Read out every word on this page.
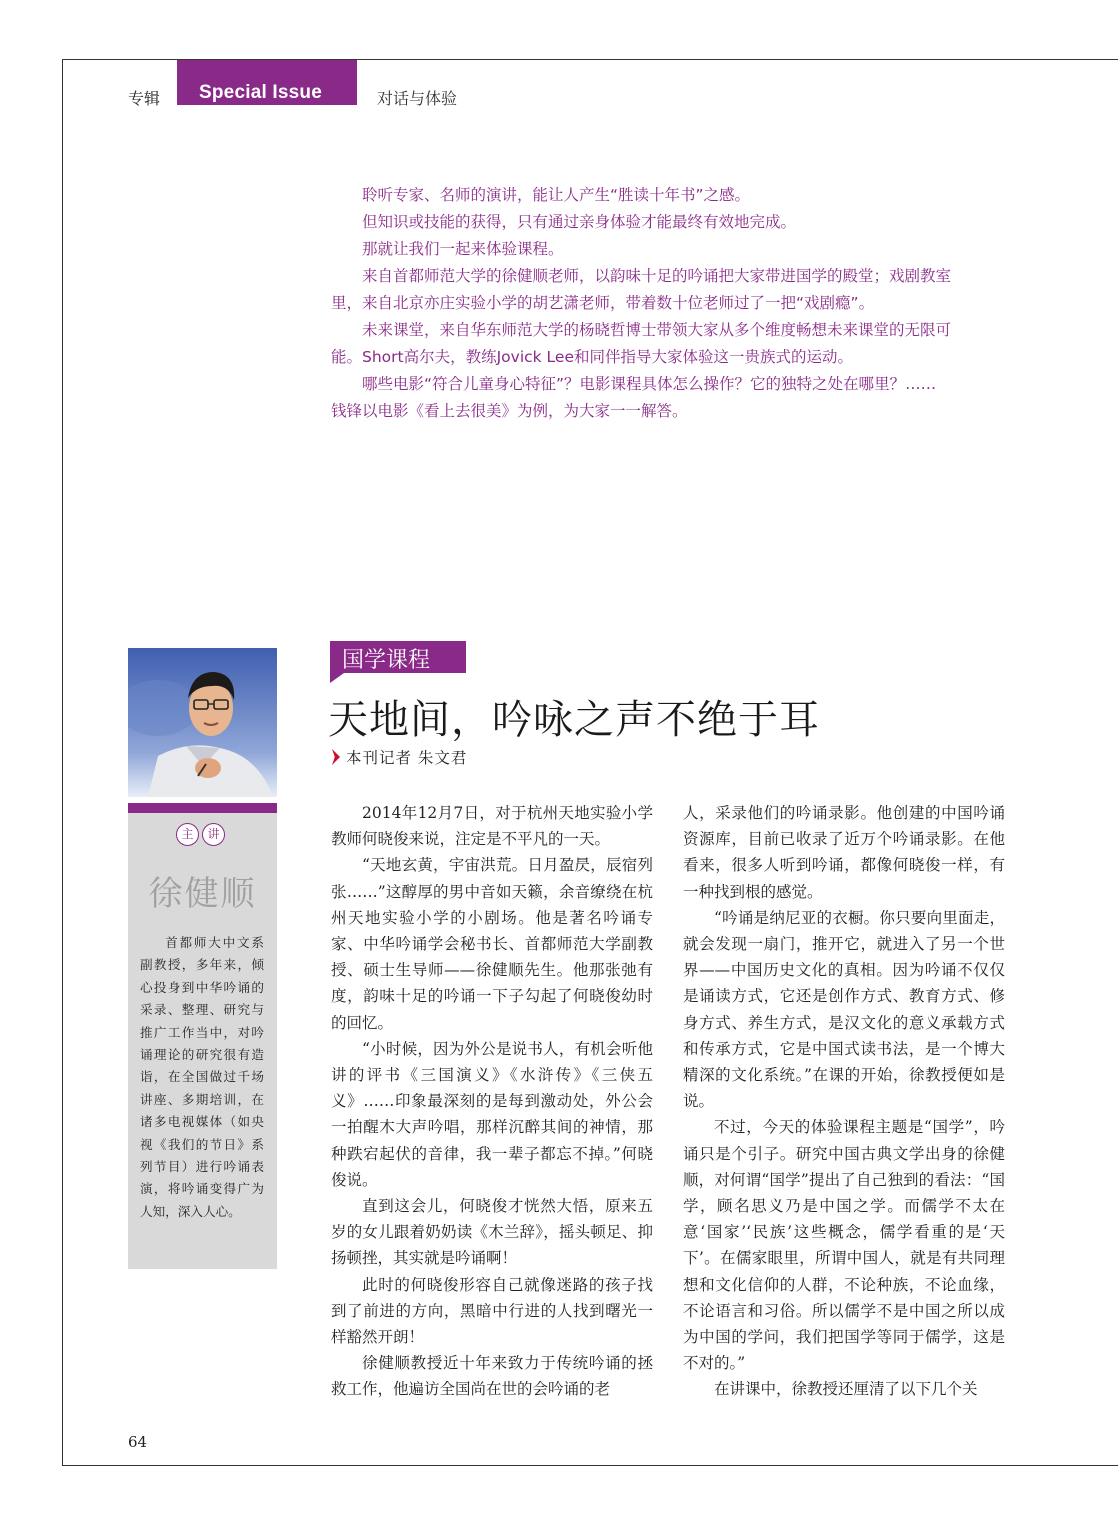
专辑 Special Issue	对话与体验

聆听专家、名师的演讲，能让人产生“胜读十年书”之感。

但知识或技能的获得，只有通过亲身体验才能最终有效地完成。

那就让我们一起来体验课程。

来自首都师范大学的徐健顺老师，以韵味十足的吟诵把大家带进国学的殿堂；戏剧教室里，来自北京亦庄实验小学的胡艺潇老师，带着数十位老师过了一把“戏剧瘾”。

未来课堂，来自华东师范大学的杨晓哲博士带领大家从多个维度畅想未来课堂的无限可能。Short高尔夫，教练Jovick Lee和同伴指导大家体验这一贵族式的运动。

哪些电影“符合儿童身心特征”？电影课程具体怎么操作？它的独特之处在哪里？……钱锋以电影《看上去很美》为例，为大家一一解答。

主	讲
徐健顺
首都师大中文系副教授，多年来，倾心投身到中华吟诵的采录、整理、研究与推广工作当中，对吟诵理论的研究很有造诣，在全国做过千场讲座、多期培训，在诸多电视媒体（如央视《我们的节日》系列节目）进行吟诵表演，将吟诵变得广为人知，深入人心。
国学课程
天地间，吟咏之声不绝于耳
本刊记者 朱文君

2014年12月7日，对于杭州天地实验小学教师何晓俊来说，注定是不平凡的一天。

“天地玄黄，宇宙洪荒。日月盈昃，辰宿列张……”这醇厚的男中音如天籁，余音缭绕在杭州天地实验小学的小剧场。他是著名吟诵专家、中华吟诵学会秘书长、首都师范大学副教授、硕士生导师——徐健顺先生。他那张弛有度，韵味十足的吟诵一下子勾起了何晓俊幼时的回忆。

“小时候，因为外公是说书人，有机会听他讲的评书《三国演义》《水浒传》《三侠五义》……印象最深刻的是每到激动处，外公会一拍醒木大声吟唱，那样沉醉其间的神情，那种跌宕起伏的音律，我一辈子都忘不掉。”何晓俊说。

直到这会儿，何晓俊才恍然大悟，原来五岁的女儿跟着奶奶读《木兰辞》，摇头顿足、抑扬顿挫，其实就是吟诵啊！

此时的何晓俊形容自己就像迷路的孩子找到了前进的方向，黑暗中行进的人找到曙光一样豁然开朗！

徐健顺教授近十年来致力于传统吟诵的拯救工作，他遍访全国尚在世的会吟诵的老

人，采录他们的吟诵录影。他创建的中国吟诵资源库，目前已收录了近万个吟诵录影。在他看来，很多人听到吟诵，都像何晓俊一样，有一种找到根的感觉。

“吟诵是纳尼亚的衣橱。你只要向里面走，就会发现一扇门，推开它，就进入了另一个世界——中国历史文化的真相。因为吟诵不仅仅是诵读方式，它还是创作方式、教育方式、修身方式、养生方式，是汉文化的意义承载方式和传承方式，它是中国式读书法，是一个博大精深的文化系统。”在课的开始，徐教授便如是说。

不过，今天的体验课程主题是“国学”，吟诵只是个引子。研究中国古典文学出身的徐健顺，对何谓“国学”提出了自己独到的看法：“国学，顾名思义乃是中国之学。而儒学不太在意‘国家’‘民族’这些概念，儒学看重的是‘天下’。在儒家眼里，所谓中国人，就是有共同理想和文化信仰的人群，不论种族，不论血缘，不论语言和习俗。所以儒学不是中国之所以成为中国的学问，我们把国学等同于儒学，这是不对的。”

在讲课中，徐教授还厘清了以下几个关

64
